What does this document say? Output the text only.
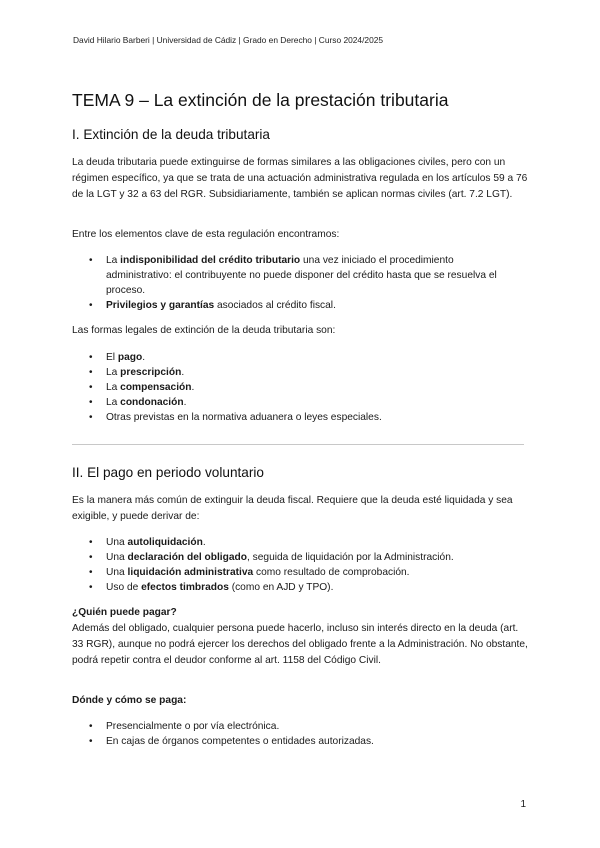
David Hilario Barberi | Universidad de Cádiz | Grado en Derecho | Curso 2024/2025
TEMA 9 – La extinción de la prestación tributaria
I. Extinción de la deuda tributaria

La deuda tributaria puede extinguirse de formas similares a las obligaciones civiles, pero con un régimen específico, ya que se trata de una actuación administrativa regulada en los artículos 59 a 76 de la LGT y 32 a 63 del RGR. Subsidiariamente, también se aplican normas civiles (art. 7.2 LGT).

Entre los elementos clave de esta regulación encontramos:

• La indisponibilidad del crédito tributario una vez iniciado el procedimiento administrativo: el contribuyente no puede disponer del crédito hasta que se resuelva el proceso.
• Privilegios y garantías asociados al crédito fiscal.

Las formas legales de extinción de la deuda tributaria son:

• El pago.
• La prescripción.
• La compensación.
• La condonación.
• Otras previstas en la normativa aduanera o leyes especiales.
II. El pago en periodo voluntario

Es la manera más común de extinguir la deuda fiscal. Requiere que la deuda esté liquidada y sea exigible, y puede derivar de:

• Una autoliquidación.
• Una declaración del obligado, seguida de liquidación por la Administración.
• Una liquidación administrativa como resultado de comprobación.
• Uso de efectos timbrados (como en AJD y TPO).

¿Quién puede pagar?

Además del obligado, cualquier persona puede hacerlo, incluso sin interés directo en la deuda (art. 33 RGR), aunque no podrá ejercer los derechos del obligado frente a la Administración. No obstante, podrá repetir contra el deudor conforme al art. 1158 del Código Civil.

Dónde y cómo se paga:

• Presencialmente o por vía electrónica.
• En cajas de órganos competentes o entidades autorizadas.
1
